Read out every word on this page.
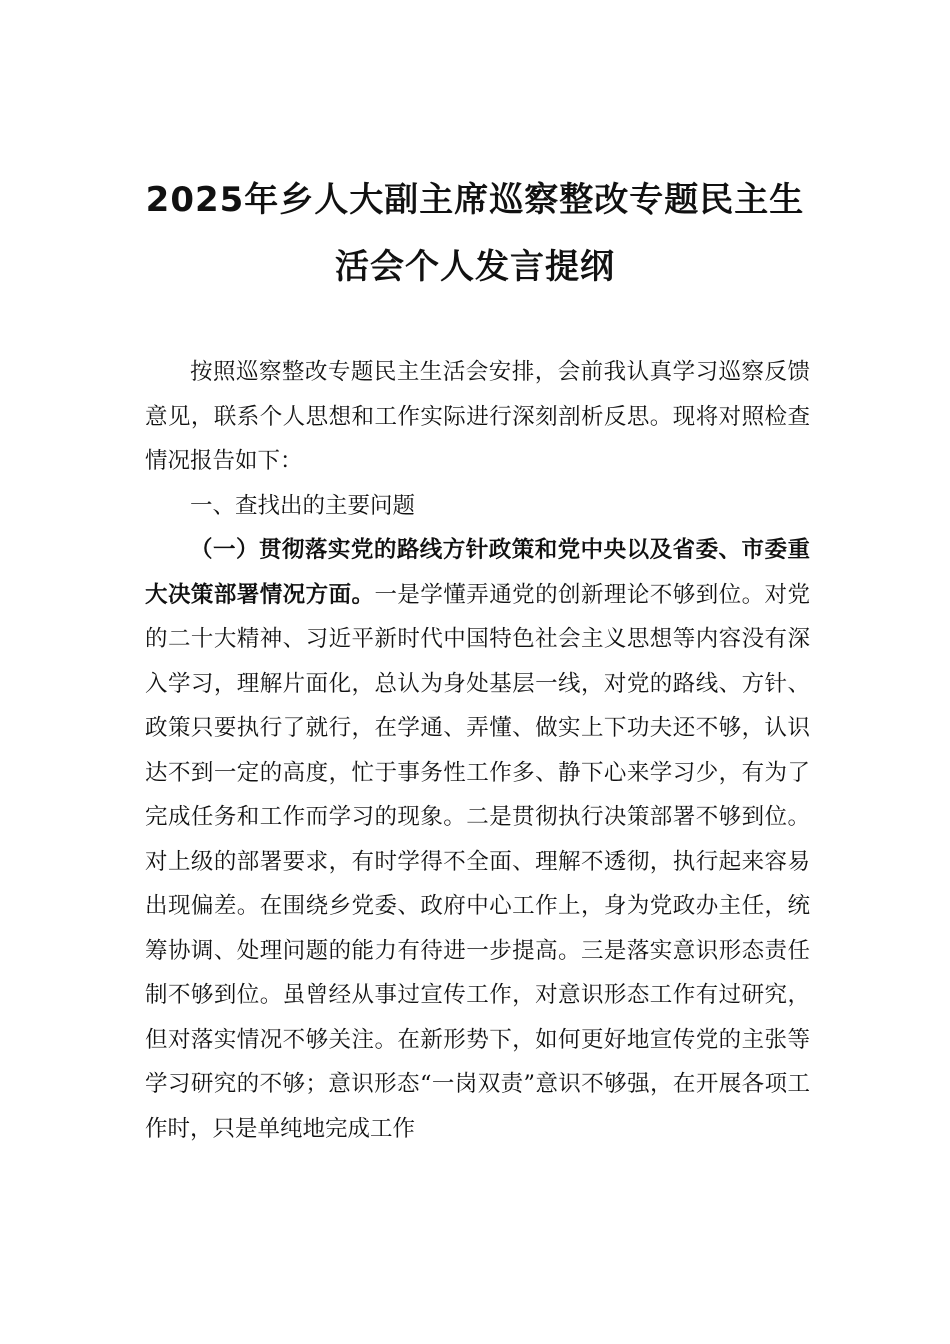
2025年乡人大副主席巡察整改专题民主生
活会个人发言提纲

按照巡察整改专题民主生活会安排，会前我认真学习巡察反馈意见，联系个人思想和工作实际进行深刻剖析反思。现将对照检查情况报告如下：

一、查找出的主要问题

（一）贯彻落实党的路线方针政策和党中央以及省委、市委重大决策部署情况方面。一是学懂弄通党的创新理论不够到位。对党的二十大精神、习近平新时代中国特色社会主义思想等内容没有深入学习，理解片面化，总认为身处基层一线，对党的路线、方针、政策只要执行了就行，在学通、弄懂、做实上下功夫还不够，认识达不到一定的高度，忙于事务性工作多、静下心来学习少，有为了完成任务和工作而学习的现象。二是贯彻执行决策部署不够到位。对上级的部署要求，有时学得不全面、理解不透彻，执行起来容易出现偏差。在围绕乡党委、政府中心工作上，身为党政办主任，统筹协调、处理问题的能力有待进一步提高。三是落实意识形态责任制不够到位。虽曾经从事过宣传工作，对意识形态工作有过研究，但对落实情况不够关注。在新形势下，如何更好地宣传党的主张等学习研究的不够；意识形态“一岗双责”意识不够强，在开展各项工作时，只是单纯地完成工作
